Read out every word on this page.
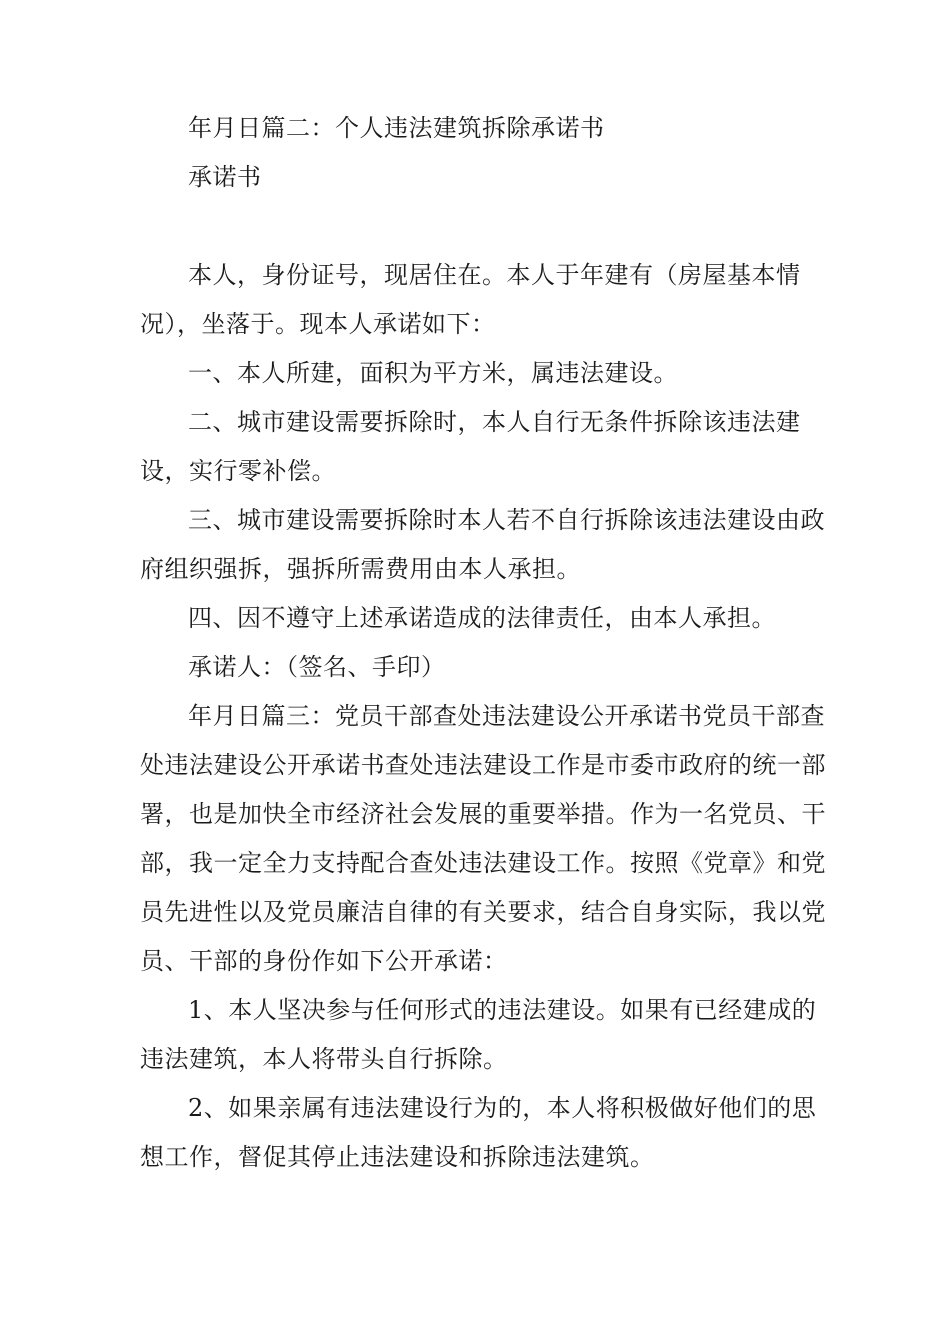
年月日篇二：个人违法建筑拆除承诺书

承诺书

本人，身份证号，现居住在。本人于年建有（房屋基本情况），坐落于。现本人承诺如下：

一、本人所建，面积为平方米，属违法建设。

二、城市建设需要拆除时，本人自行无条件拆除该违法建设，实行零补偿。

三、城市建设需要拆除时本人若不自行拆除该违法建设由政府组织强拆，强拆所需费用由本人承担。

四、因不遵守上述承诺造成的法律责任，由本人承担。

承诺人：（签名、手印）

年月日篇三：党员干部查处违法建设公开承诺书党员干部查处违法建设公开承诺书查处违法建设工作是市委市政府的统一部署，也是加快全市经济社会发展的重要举措。作为一名党员、干部，我一定全力支持配合查处违法建设工作。按照《党章》和党员先进性以及党员廉洁自律的有关要求，结合自身实际，我以党员、干部的身份作如下公开承诺：

1、本人坚决参与任何形式的违法建设。如果有已经建成的违法建筑，本人将带头自行拆除。

2、如果亲属有违法建设行为的，本人将积极做好他们的思想工作，督促其停止违法建设和拆除违法建筑。
